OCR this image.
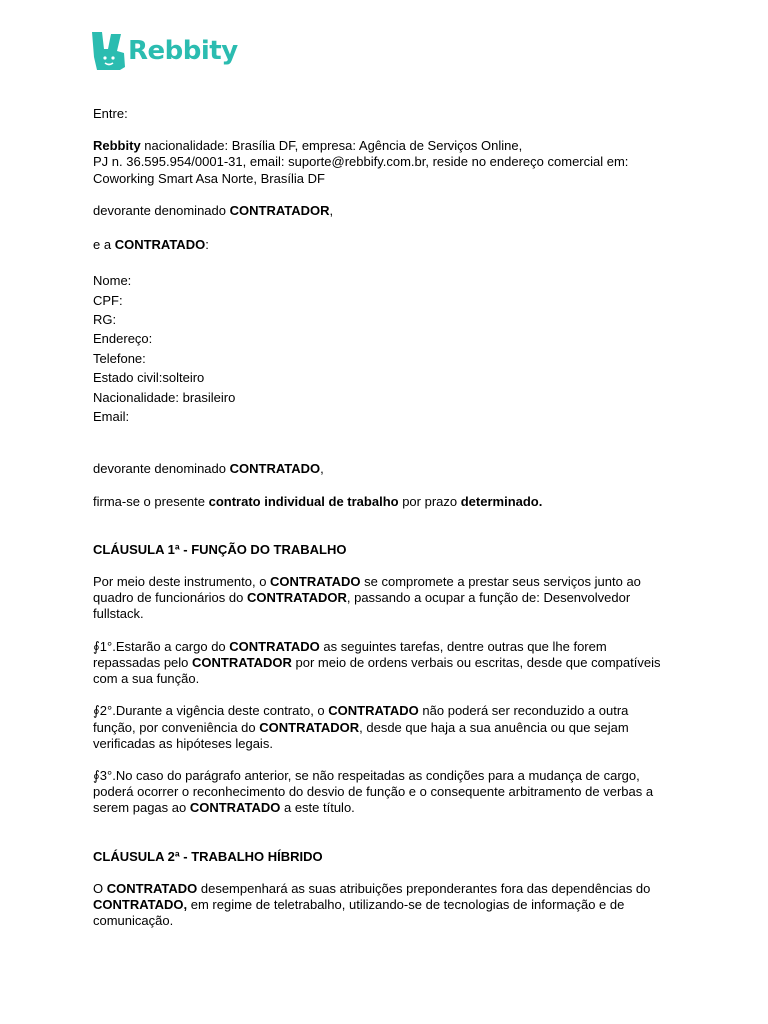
Rebbity

Entre:

Rebbity nacionalidade: Brasília DF, empresa: Agência de Serviços Online,

PJ n. 36.595.954/0001-31, email: suporte@rebbify.com.br, reside no endereço comercial em:

Coworking Smart Asa Norte, Brasília DF

devorante denominado CONTRATADOR,

e a CONTRATADO:

Nome:

CPF:

RG:

Endereço:

Telefone:

Estado civil:solteiro

Nacionalidade: brasileiro

Email:

devorante denominado CONTRATADO,

firma-se o presente contrato individual de trabalho por prazo determinado.

CLÁUSULA 1ª - FUNÇÃO DO TRABALHO

Por meio deste instrumento, o CONTRATADO se compromete a prestar seus serviços junto ao

quadro de funcionários do CONTRATADOR, passando a ocupar a função de: Desenvolvedor

fullstack.

∮1°.Estarão a cargo do CONTRATADO as seguintes tarefas, dentre outras que lhe forem

repassadas pelo CONTRATADOR por meio de ordens verbais ou escritas, desde que compatíveis

com a sua função.

∮2°.Durante a vigência deste contrato, o CONTRATADO não poderá ser reconduzido a outra

função, por conveniência do CONTRATADOR, desde que haja a sua anuência ou que sejam

verificadas as hipóteses legais.

∮3°.No caso do parágrafo anterior, se não respeitadas as condições para a mudança de cargo,

poderá ocorrer o reconhecimento do desvio de função e o consequente arbitramento de verbas a

serem pagas ao CONTRATADO a este título.

CLÁUSULA 2ª - TRABALHO HÍBRIDO

O CONTRATADO desempenhará as suas atribuições preponderantes fora das dependências do

CONTRATADO, em regime de teletrabalho, utilizando-se de tecnologias de informação e de

comunicação.
